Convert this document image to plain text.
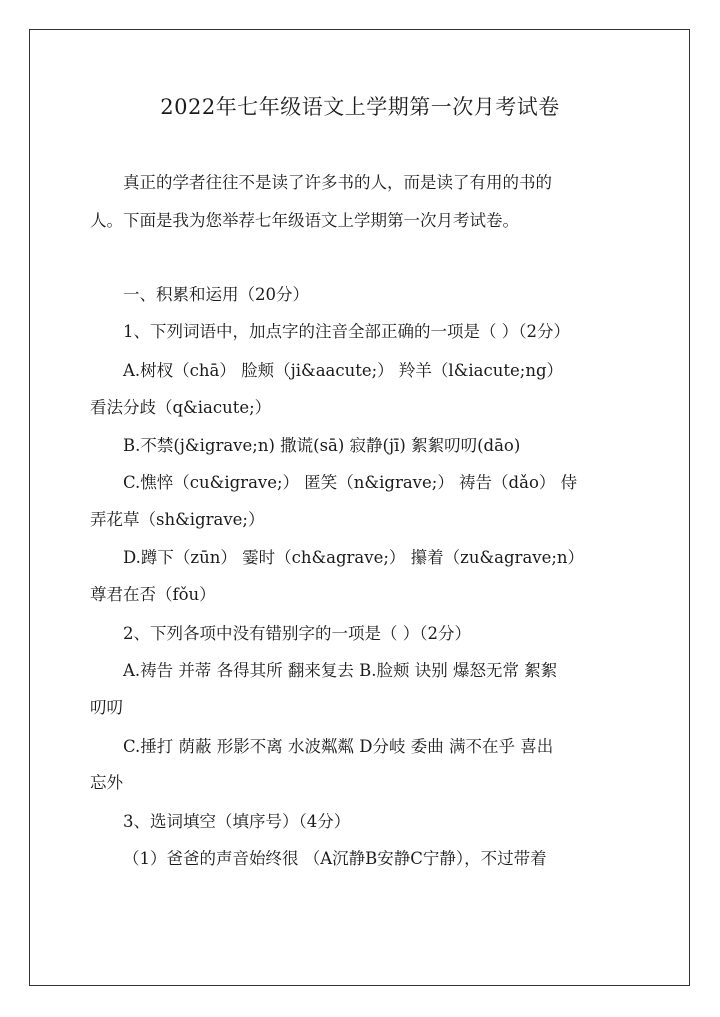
2022年七年级语文上学期第一次月考试卷
真正的学者往往不是读了许多书的人，而是读了有用的书的
人。下面是我为您举荐七年级语文上学期第一次月考试卷。
一、积累和运用（20分）
1、下列词语中，加点字的注音全部正确的一项是（ ）（2分）
A.树杈（chā） 脸颊（ji&aacute;） 羚羊（l&iacute;ng）
看法分歧（q&iacute;）
B.不禁(j&igrave;n) 撒谎(sā) 寂静(jī) 絮絮叨叨(dāo)
C.憔悴（cu&igrave;） 匿笑（n&igrave;） 祷告（dǎo） 侍
弄花草（sh&igrave;）
D.蹲下（zūn） 霎时（ch&agrave;） 攥着（zu&agrave;n）
尊君在否（fǒu）
2、下列各项中没有错别字的一项是（ ）（2分）
A.祷告 并蒂 各得其所 翻来复去 B.脸颊 诀别 爆怒无常 絮絮
叨叨
C.捶打 荫蔽 形影不离 水波粼粼 D分岐 委曲 满不在乎 喜出
忘外
3、选词填空（填序号）（4分）
（1）爸爸的声音始终很 （A沉静B安静C宁静），不过带着
